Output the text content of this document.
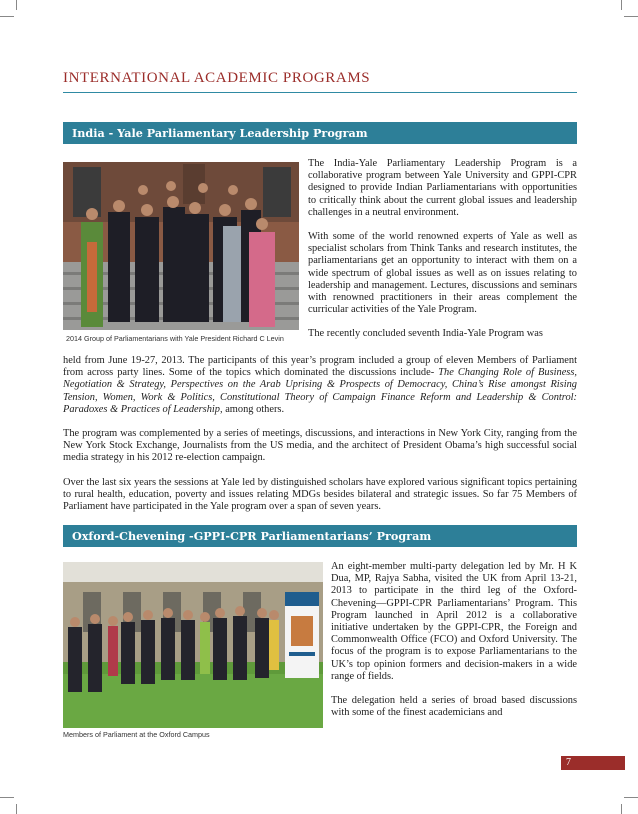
INTERNATIONAL ACADEMIC PROGRAMS
India - Yale Parliamentary Leadership Program
2014 Group of Parliamentarians with Yale President Richard C Levin

The India-Yale Parliamentary Leadership Program is a collaborative program between Yale University and GPPI-CPR designed to provide Indian Parliamentarians with opportunities to critically think about the current global issues and leadership challenges in a neutral environment.

With some of the world renowned experts of Yale as well as specialist scholars from Think Tanks and research institutes, the parliamentarians get an opportunity to interact with them on a wide spectrum of global issues as well as on issues relating to leadership and management. Lectures, discussions and seminars with renowned practitioners in their areas complement the curricular activities of the Yale Program.

The recently concluded seventh India-Yale Program was

held from June 19-27, 2013. The participants of this year’s program included a group of eleven Members of Parliament from across party lines. Some of the topics which dominated the discussions include- The Changing Role of Business, Negotiation & Strategy, Perspectives on the Arab Uprising & Prospects of Democracy, China’s Rise amongst Rising Tension, Women, Work & Politics, Constitutional Theory of Campaign Finance Reform and Leadership & Control: Paradoxes & Practices of Leadership, among others.

The program was complemented by a series of meetings, discussions, and interactions in New York City, ranging from the New York Stock Exchange, Journalists from the US media, and the architect of President Obama’s high successful social media strategy in his 2012 re-election campaign.

Over the last six years the sessions at Yale led by distinguished scholars have explored various significant topics pertaining to rural health, education, poverty and issues relating MDGs besides bilateral and strategic issues. So far 75 Members of Parliament have participated in the Yale program over a span of seven years.

Oxford-Chevening -GPPI-CPR Parliamentarians’ Program
Members of Parliament at the Oxford Campus

An eight-member multi-party delegation led by Mr. H K Dua, MP, Rajya Sabha, visited the UK from April 13-21, 2013 to participate in the third leg of the Oxford-Chevening—GPPI-CPR Parliamentarians’ Program. This Program launched in April 2012 is a collaborative initiative undertaken by the GPPI-CPR, the Foreign and Commonwealth Office (FCO) and Oxford University. The focus of the program is to expose Parliamentarians to the UK’s top opinion formers and decision-makers in a wide range of fields.

The delegation held a series of broad based discussions with some of the finest academicians and

7
